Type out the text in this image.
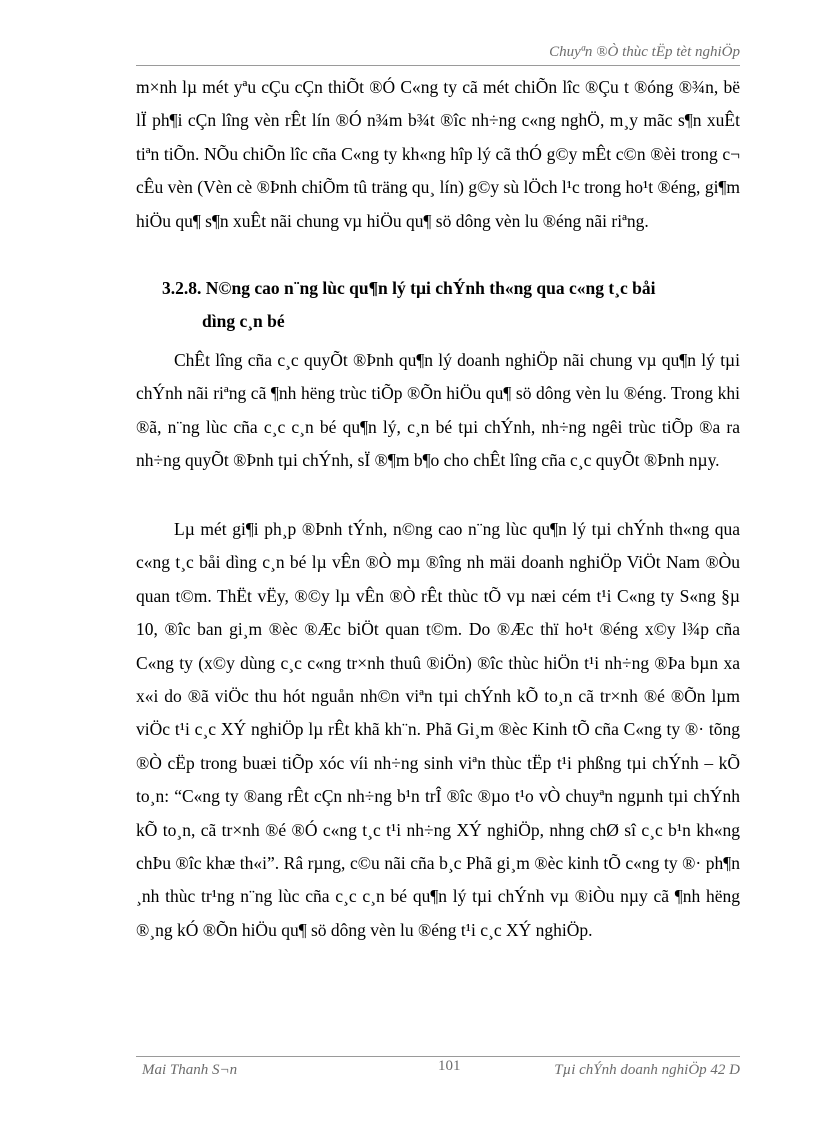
Chuyªn ®Ò thùc tËp tèt nghiÖp
m×nh lµ mét yªu cÇu cÇn thiÕt ®Ó C«ng ty cã mét chiÕn lîc ®Çu t ®óng ®¾n, bë lÏ ph¶i cÇn lîng vèn rÊt lín ®Ó n¾m b¾t ®îc nh÷ng c«ng nghÖ, m¸y mãc s¶n xuÊt tiªn tiÕn. NÕu chiÕn lîc cña C«ng ty kh«ng hîp lý cã thÓ g©y mÊt c©n ®èi trong c¬ cÊu vèn (Vèn cè ®Þnh chiÕm tû träng qu¸ lín) g©y sù lÖch l¹c trong ho¹t ®éng, gi¶m hiÖu qu¶ s¶n xuÊt nãi chung vµ hiÖu qu¶ sö dông vèn lu ®éng nãi riªng.
3.2.8. N©ng cao n¨ng lùc qu¶n lý tµi chÝnh th«ng qua c«ng t¸c båi
dìng c¸n bé
ChÊt lîng cña c¸c quyÕt ®Þnh qu¶n lý doanh nghiÖp nãi chung vµ qu¶n lý tµi chÝnh nãi riªng cã ¶nh hëng trùc tiÕp ®Õn hiÖu qu¶ sö dông vèn lu ®éng. Trong khi ®ã, n¨ng lùc cña c¸c c¸n bé qu¶n lý, c¸n bé tµi chÝnh, nh÷ng ngêi trùc tiÕp ®a ra nh÷ng quyÕt ®Þnh tµi chÝnh, sÏ ®¶m b¶o cho chÊt lîng cña c¸c quyÕt ®Þnh nµy.
Lµ mét gi¶i ph¸p ®Þnh tÝnh, n©ng cao n¨ng lùc qu¶n lý tµi chÝnh th«ng qua c«ng t¸c båi dìng c¸n bé lµ vÊn ®Ò mµ ®îng nh mäi doanh nghiÖp ViÖt Nam ®Òu quan t©m. ThËt vËy, ®©y lµ vÊn ®Ò rÊt thùc tÕ vµ næi cém t¹i C«ng ty S«ng §µ 10, ®îc ban gi¸m ®èc ®Æc biÖt quan t©m. Do ®Æc thï ho¹t ®éng x©y l¾p cña C«ng ty (x©y dùng c¸c c«ng tr×nh thuû ®iÖn) ®îc thùc hiÖn t¹i nh÷ng ®Þa bµn xa x«i do ®ã viÖc thu hót nguån nh©n viªn tµi chÝnh kÕ to¸n cã tr×nh ®é ®Õn lµm viÖc t¹i c¸c XÝ nghiÖp lµ rÊt khã kh¨n. Phã Gi¸m ®èc Kinh tÕ cña C«ng ty ®· tõng ®Ò cËp trong buæi tiÕp xóc víi nh÷ng sinh viªn thùc tËp t¹i phßng tµi chÝnh – kÕ to¸n: “C«ng ty ®ang rÊt cÇn nh÷ng b¹n trÎ ®îc ®µo t¹o vÒ chuyªn ngµnh tµi chÝnh kÕ to¸n, cã tr×nh ®é ®Ó c«ng t¸c t¹i nh÷ng XÝ nghiÖp, nhng chØ sî c¸c b¹n kh«ng chÞu ®îc khæ th«i”. Râ rµng, c©u nãi cña b¸c Phã gi¸m ®èc kinh tÕ c«ng ty ®· ph¶n ¸nh thùc tr¹ng n¨ng lùc cña c¸c c¸n bé qu¶n lý tµi chÝnh vµ ®iÒu nµy cã ¶nh hëng ®¸ng kÓ ®Õn hiÖu qu¶ sö dông vèn lu ®éng t¹i c¸c XÝ nghiÖp.
Mai Thanh S¬n	101	Tµi chÝnh doanh nghiÖp 42 D
